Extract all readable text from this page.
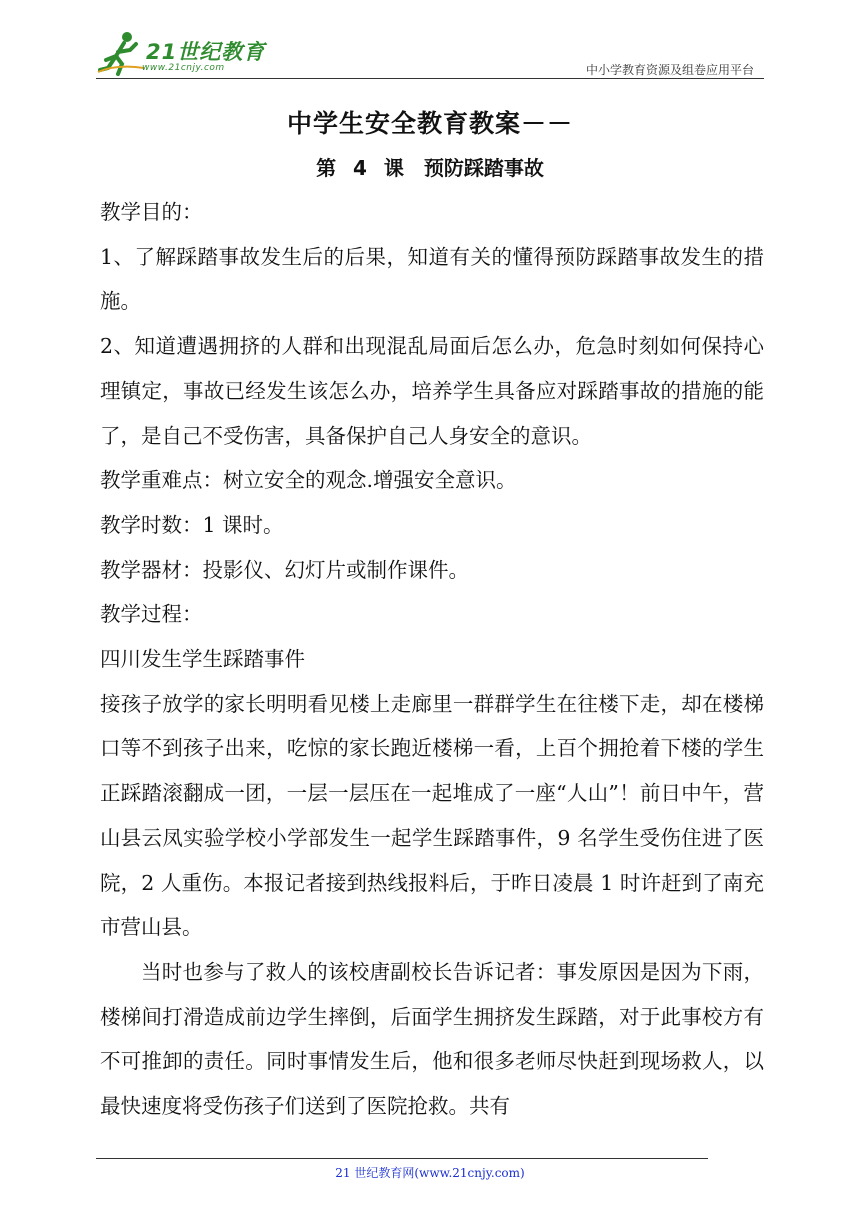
21世纪教育
www.21cnjy.com	中小学教育资源及组卷应用平台
中学生安全教育教案－－
第 4 课　预防踩踏事故

教学目的：

1、了解踩踏事故发生后的后果，知道有关的懂得预防踩踏事故发生的措施。

2、知道遭遇拥挤的人群和出现混乱局面后怎么办，危急时刻如何保持心理镇定，事故已经发生该怎么办，培养学生具备应对踩踏事故的措施的能了，是自己不受伤害，具备保护自己人身安全的意识。

教学重难点：树立安全的观念.增强安全意识。

教学时数：1 课时。

教学器材：投影仪、幻灯片或制作课件。

教学过程：

四川发生学生踩踏事件

接孩子放学的家长明明看见楼上走廊里一群群学生在往楼下走，却在楼梯口等不到孩子出来，吃惊的家长跑近楼梯一看，上百个拥抢着下楼的学生正踩踏滚翻成一团，一层一层压在一起堆成了一座“人山”！前日中午，营山县云凤实验学校小学部发生一起学生踩踏事件，9 名学生受伤住进了医院，2 人重伤。本报记者接到热线报料后，于昨日凌晨 1 时许赶到了南充市营山县。

当时也参与了救人的该校唐副校长告诉记者：事发原因是因为下雨，楼梯间打滑造成前边学生摔倒，后面学生拥挤发生踩踏，对于此事校方有不可推卸的责任。同时事情发生后，他和很多老师尽快赶到现场救人，以最快速度将受伤孩子们送到了医院抢救。共有

21 世纪教育网(www.21cnjy.com)
